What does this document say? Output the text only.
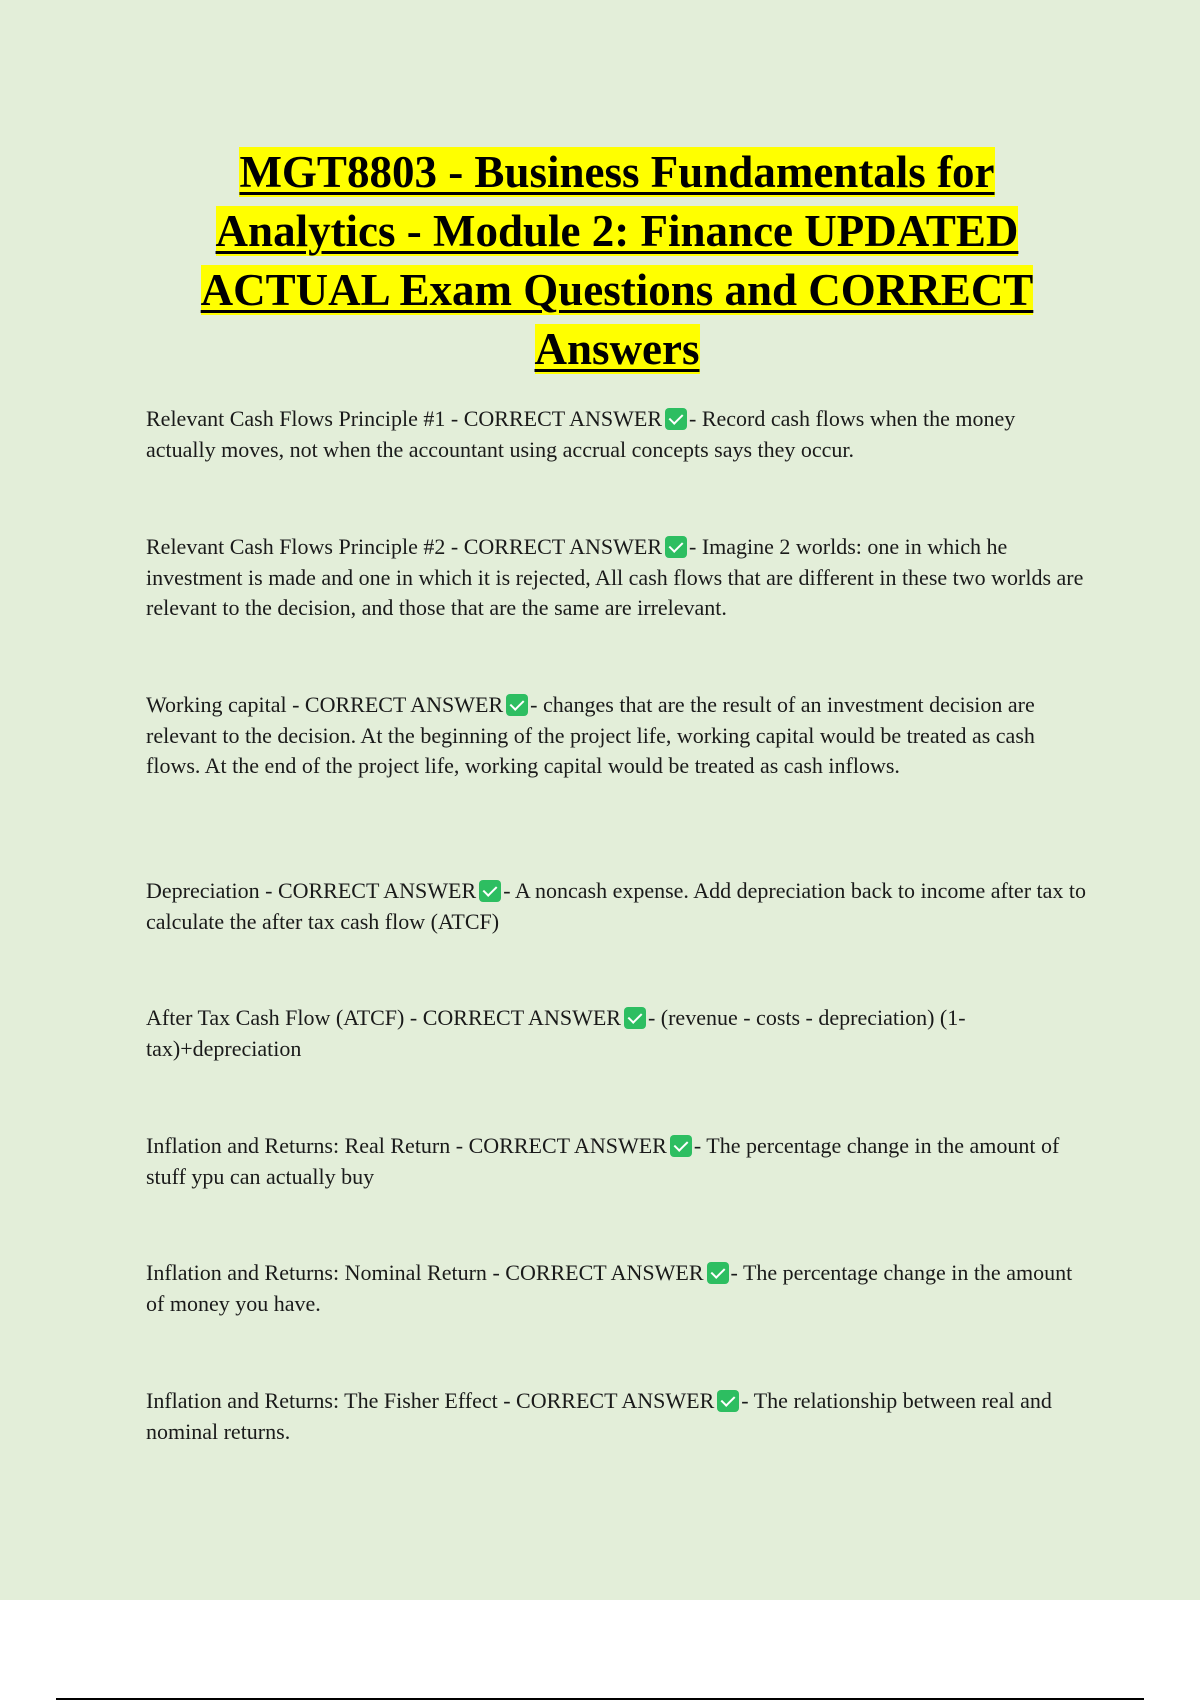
MGT8803 - Business Fundamentals for
Analytics - Module 2: Finance UPDATED
ACTUAL Exam Questions and CORRECT
Answers

Relevant Cash Flows Principle #1 - CORRECT ANSWER - Record cash flows when the money actually moves, not when the accountant using accrual concepts says they occur.

Relevant Cash Flows Principle #2 - CORRECT ANSWER - Imagine 2 worlds: one in which he investment is made and one in which it is rejected, All cash flows that are different in these two worlds are relevant to the decision, and those that are the same are irrelevant.

Working capital - CORRECT ANSWER - changes that are the result of an investment decision are relevant to the decision. At the beginning of the project life, working capital would be treated as cash flows. At the end of the project life, working capital would be treated as cash inflows.

Depreciation - CORRECT ANSWER - A noncash expense. Add depreciation back to income after tax to calculate the after tax cash flow (ATCF)

After Tax Cash Flow (ATCF) - CORRECT ANSWER - (revenue - costs - depreciation) (1-tax)+depreciation

Inflation and Returns: Real Return - CORRECT ANSWER - The percentage change in the amount of stuff ypu can actually buy

Inflation and Returns: Nominal Return - CORRECT ANSWER - The percentage change in the amount of money you have.

Inflation and Returns: The Fisher Effect - CORRECT ANSWER - The relationship between real and nominal returns.
